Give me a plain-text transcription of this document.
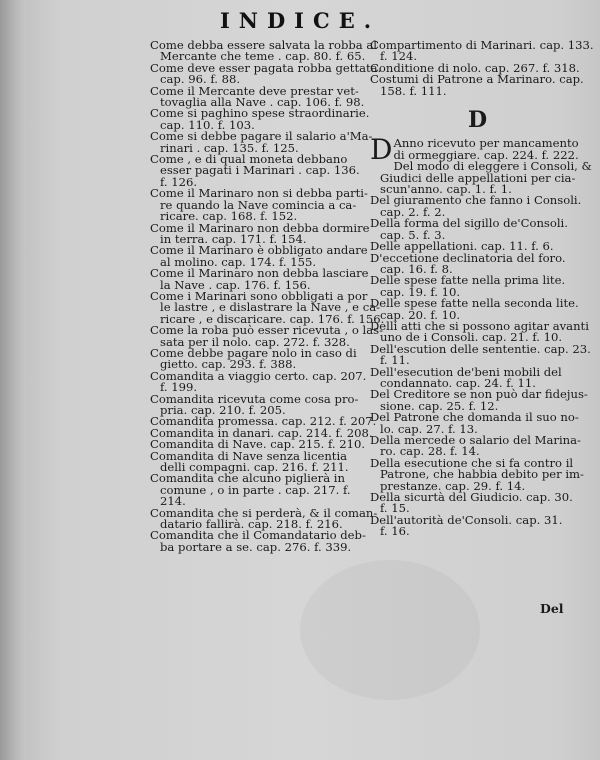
INDICE.
Come debba essere salvata la robba al
Mercante che teme . cap. 80. f. 65.
Come deve esser pagata robba gettata.
cap. 96. f. 88.
Come il Mercante deve prestar vet-
tovaglia alla Nave . cap. 106. f. 98.
Come si paghino spese straordinarie.
cap. 110. f. 103.
Come si debbe pagare il salario a'Ma-
rinari . cap. 135. f. 125.
Come , e di qual moneta debbano
esser pagati i Marinari . cap. 136.
f. 126.
Come il Marinaro non si debba parti-
re quando la Nave comincia a ca-
ricare. cap. 168. f. 152.
Come il Marinaro non debba dormire
in terra. cap. 171. f. 154.
Come il Marinaro è obbligato andare
al molino. cap. 174. f. 155.
Come il Marinaro non debba lasciare
la Nave . cap. 176. f. 156.
Come i Marinari sono obbligati a por
le lastre , e dislastrare la Nave , e ca-
ricare , e discaricare. cap. 176. f. 156.
Come la roba può esser ricevuta , o las-
sata per il nolo. cap. 272. f. 328.
Come debbe pagare nolo in caso di
gietto. cap. 293. f. 388.
Comandita a viaggio certo. cap. 207.
f. 199.
Comandita ricevuta come cosa pro-
pria. cap. 210. f. 205.
Comandita promessa. cap. 212. f. 207.
Comandita in danari. cap. 214. f. 208.
Comandita di Nave. cap. 215. f. 210.
Comandita di Nave senza licentia
delli compagni. cap. 216. f. 211.
Comandita che alcuno piglierà in
comune , o in parte . cap. 217. f.
214.
Comandita che si perderà, & il coman-
datario fallirà. cap. 218. f. 216.
Comandita che il Comandatario deb-
ba portare a se. cap. 276. f. 339.
Compartimento di Marinari. cap. 133.
f. 124.
Conditione di nolo. cap. 267. f. 318.
Costumi di Patrone a Marinaro. cap.
158. f. 111.
D
D Anno ricevuto per mancamento
di ormeggiare. cap. 224. f. 222.
Del modo di eleggere i Consoli, &
Giudici delle appellationi per cia-
scun'anno. cap. 1. f. 1.
Del giuramento che fanno i Consoli.
cap. 2. f. 2.
Della forma del sigillo de'Consoli.
cap. 5. f. 3.
Delle appellationi. cap. 11. f. 6.
D'eccetione declinatoria del foro.
cap. 16. f. 8.
Delle spese fatte nella prima lite.
cap. 19. f. 10.
Delle spese fatte nella seconda lite.
cap. 20. f. 10.
Delli atti che si possono agitar avanti
uno de i Consoli. cap. 21. f. 10.
Dell'escution delle sententie. cap. 23.
f. 11.
Dell'esecution de'beni mobili del
condannato. cap. 24. f. 11.
Del Creditore se non può dar fidejus-
sione. cap. 25. f. 12.
Del Patrone che domanda il suo no-
lo. cap. 27. f. 13.
Della mercede o salario del Marina-
ro. cap. 28. f. 14.
Della esecutione che si fa contro il
Patrone, che habbia debito per im-
prestanze. cap. 29. f. 14.
Della sicurtà del Giudicio. cap. 30.
f. 15.
Dell'autorità de'Consoli. cap. 31.
f. 16.
Del
